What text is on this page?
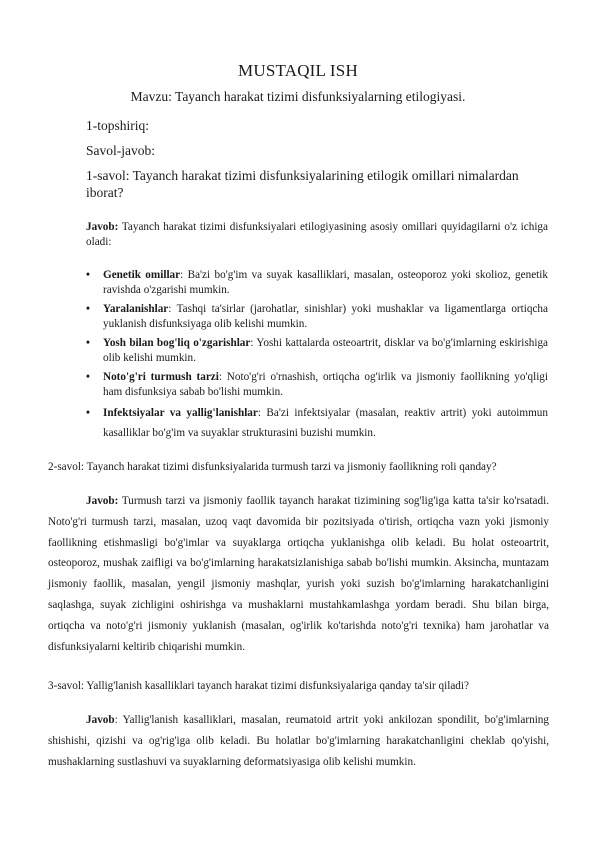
MUSTAQIL ISH
Mavzu: Tayanch harakat tizimi disfunksiyalarning etilogiyasi.
1-topshiriq:
Savol-javob:
1-savol: Tayanch harakat tizimi disfunksiyalarining etilogik omillari nimalardan iborat?
Javob: Tayanch harakat tizimi disfunksiyalari etilogiyasining asosiy omillari quyidagilarni o'z ichiga oladi:
• Genetik omillar: Ba'zi bo'g'im va suyak kasalliklari, masalan, osteoporoz yoki skolioz, genetik ravishda o'zgarishi mumkin.
• Yaralanishlar: Tashqi ta'sirlar (jarohatlar, sinishlar) yoki mushaklar va ligamentlarga ortiqcha yuklanish disfunksiyaga olib kelishi mumkin.
• Yosh bilan bog'liq o'zgarishlar: Yoshi kattalarda osteoartrit, disklar va bo'g'imlarning eskirishiga olib kelishi mumkin.
• Noto'g'ri turmush tarzi: Noto'g'ri o'rnashish, ortiqcha og'irlik va jismoniy faollikning yo'qligi ham disfunksiya sabab bo'lishi mumkin.
• Infektsiyalar va yallig'lanishlar: Ba'zi infektsiyalar (masalan, reaktiv artrit) yoki autoimmun kasalliklar bo'g'im va suyaklar strukturasini buzishi mumkin.
2-savol: Tayanch harakat tizimi disfunksiyalarida turmush tarzi va jismoniy faollikning roli qanday?
Javob: Turmush tarzi va jismoniy faollik tayanch harakat tizimining sog'lig'iga katta ta'sir ko'rsatadi. Noto'g'ri turmush tarzi, masalan, uzoq vaqt davomida bir pozitsiyada o'tirish, ortiqcha vazn yoki jismoniy faollikning etishmasligi bo'g'imlar va suyaklarga ortiqcha yuklanishga olib keladi. Bu holat osteoartrit, osteoporoz, mushak zaifligi va bo'g'imlarning harakatsizlanishiga sabab bo'lishi mumkin. Aksincha, muntazam jismoniy faollik, masalan, yengil jismoniy mashqlar, yurish yoki suzish bo'g'imlarning harakatchanligini saqlashga, suyak zichligini oshirishga va mushaklarni mustahkamlashga yordam beradi. Shu bilan birga, ortiqcha va noto'g'ri jismoniy yuklanish (masalan, og'irlik ko'tarishda noto'g'ri texnika) ham jarohatlar va disfunksiyalarni keltirib chiqarishi mumkin.
3-savol: Yallig'lanish kasalliklari tayanch harakat tizimi disfunksiyalariga qanday ta'sir qiladi?
Javob: Yallig'lanish kasalliklari, masalan, reumatoid artrit yoki ankilozan spondilit, bo'g'imlarning shishishi, qizishi va og'rig'iga olib keladi. Bu holatlar bo'g'imlarning harakatchanligini cheklab qo'yishi, mushaklarning sustlashuvi va suyaklarning deformatsiyasiga olib kelishi mumkin.
